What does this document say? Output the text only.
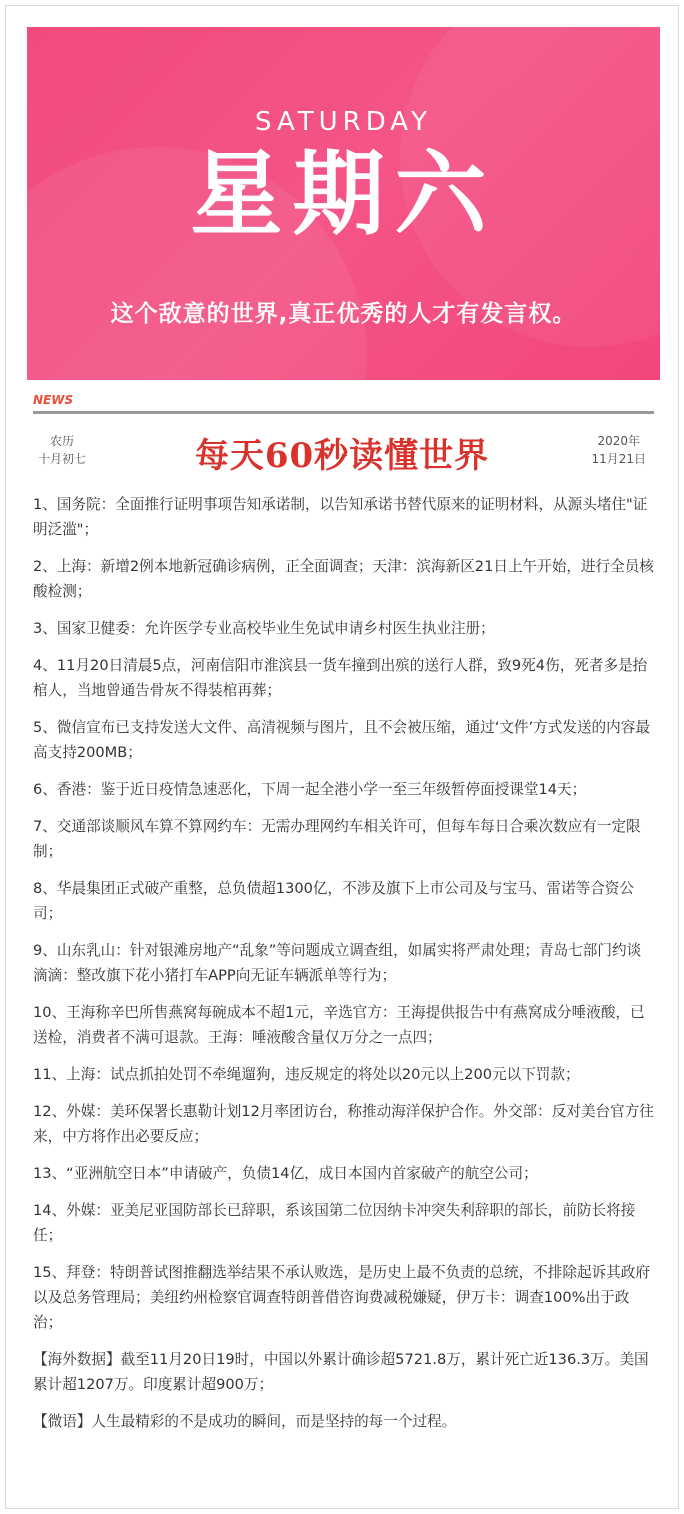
SATURDAY
星期六
这个敌意的世界,真正优秀的人才有发言权。
NEWS
农历
十月初七	每天60秒读懂世界	2020年
11月21日

1、国务院：全面推行证明事项告知承诺制，以告知承诺书替代原来的证明材料，从源头堵住"证明泛滥"；

2、上海：新增2例本地新冠确诊病例，正全面调查；天津：滨海新区21日上午开始，进行全员核酸检测；

3、国家卫健委：允许医学专业高校毕业生免试申请乡村医生执业注册；

4、11月20日清晨5点，河南信阳市淮滨县一货车撞到出殡的送行人群，致9死4伤，死者多是抬棺人，当地曾通告骨灰不得装棺再葬；

5、微信宣布已支持发送大文件、高清视频与图片，且不会被压缩，通过‘文件’方式发送的内容最高支持200MB；

6、香港：鉴于近日疫情急速恶化，下周一起全港小学一至三年级暂停面授课堂14天；

7、交通部谈顺风车算不算网约车：无需办理网约车相关许可，但每车每日合乘次数应有一定限制；

8、华晨集团正式破产重整，总负债超1300亿，不涉及旗下上市公司及与宝马、雷诺等合资公司；

9、山东乳山：针对银滩房地产“乱象”等问题成立调查组，如属实将严肃处理；青岛七部门约谈滴滴：整改旗下花小猪打车APP向无证车辆派单等行为；

10、王海称辛巴所售燕窝每碗成本不超1元，辛选官方：王海提供报告中有燕窝成分唾液酸，已送检，消费者不满可退款。王海：唾液酸含量仅万分之一点四；

11、上海：试点抓拍处罚不牵绳遛狗，违反规定的将处以20元以上200元以下罚款；

12、外媒：美环保署长惠勒计划12月率团访台，称推动海洋保护合作。外交部：反对美台官方往来，中方将作出必要反应；

13、“亚洲航空日本”申请破产，负债14亿，成日本国内首家破产的航空公司；

14、外媒：亚美尼亚国防部长已辞职，系该国第二位因纳卡冲突失利辞职的部长，前防长将接任；

15、拜登：特朗普试图推翻选举结果不承认败选，是历史上最不负责的总统，不排除起诉其政府以及总务管理局；美纽约州检察官调查特朗普借咨询费减税嫌疑，伊万卡：调查100%出于政治；

【海外数据】截至11月20日19时，中国以外累计确诊超5721.8万，累计死亡近136.3万。美国累计超1207万。印度累计超900万；

【微语】人生最精彩的不是成功的瞬间，而是坚持的每一个过程。
